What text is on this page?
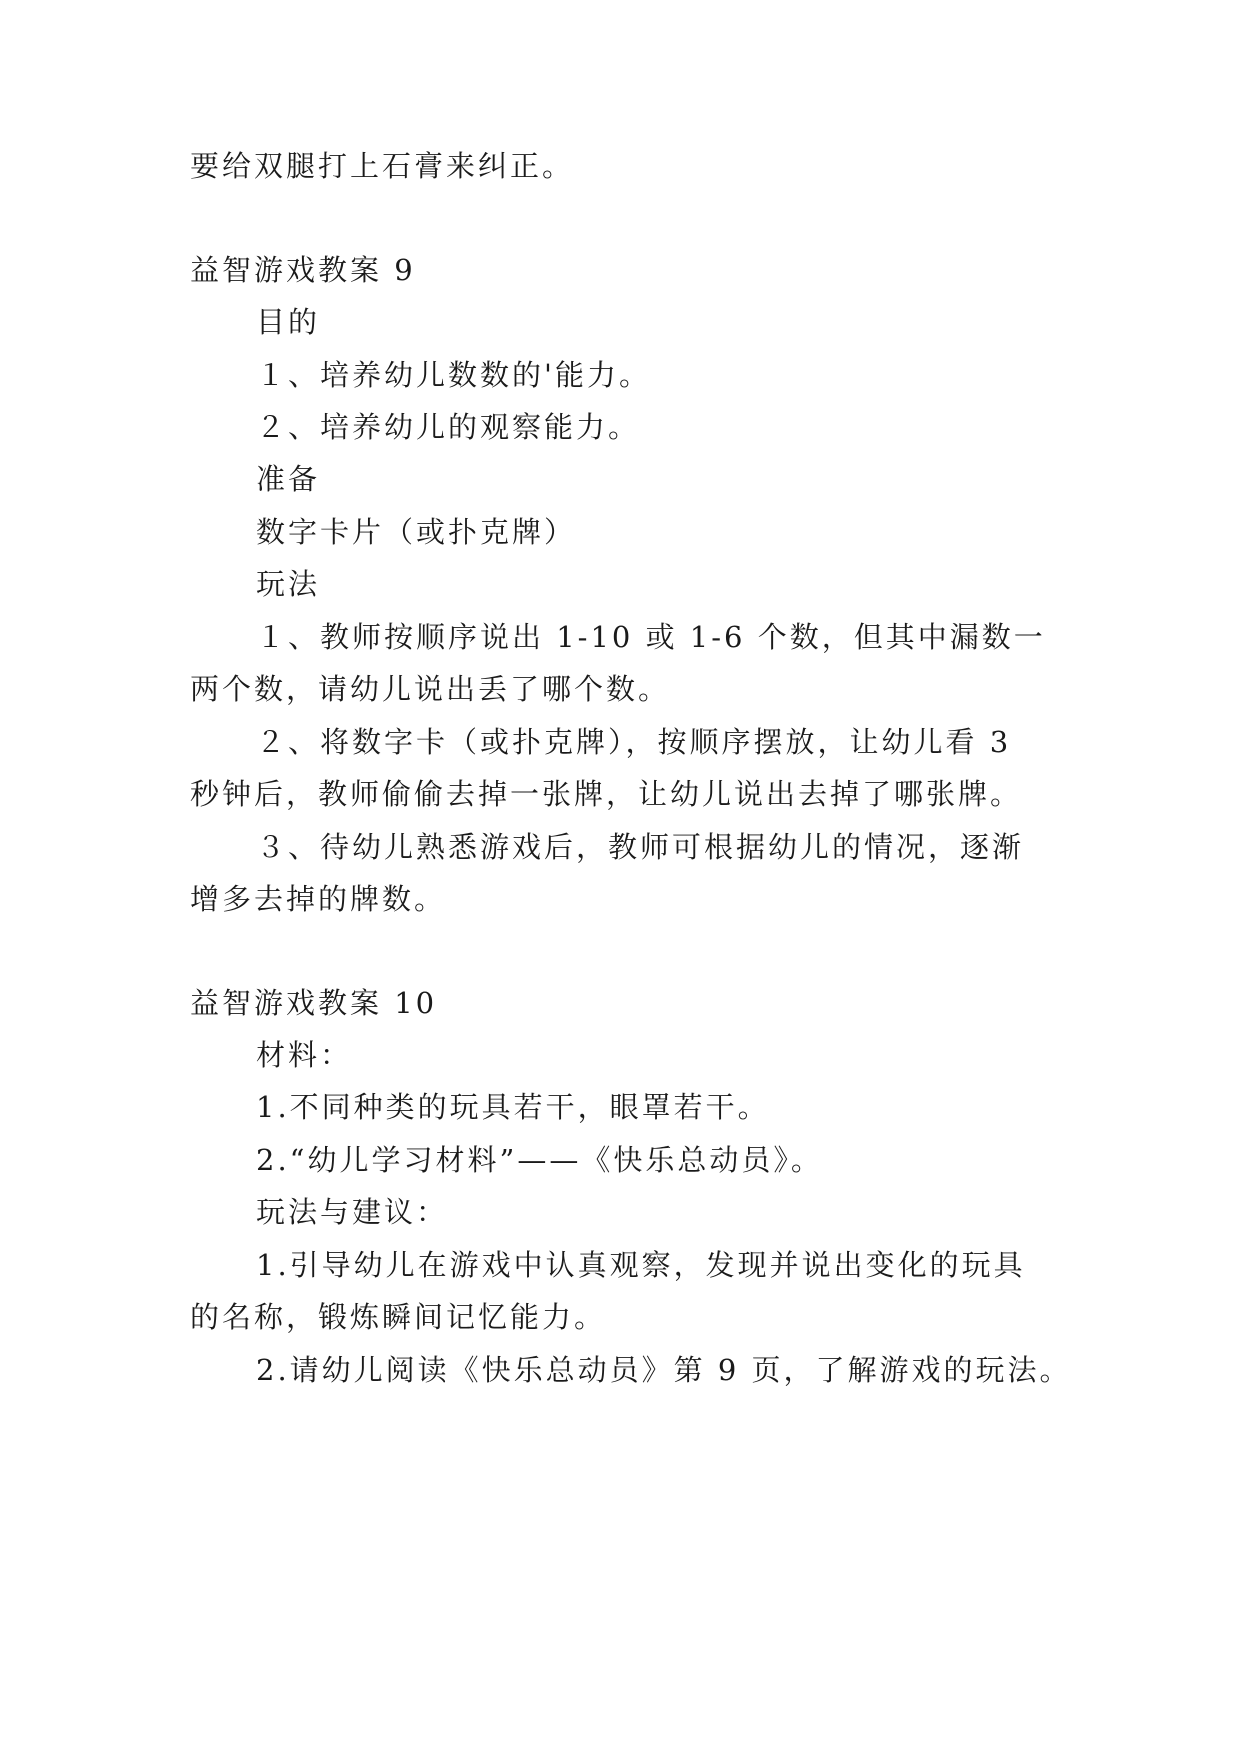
要给双腿打上石膏来纠正。
益智游戏教案 9
目的
１、培养幼儿数数的'能力。
２、培养幼儿的观察能力。
准备
数字卡片（或扑克牌）
玩法
１、教师按顺序说出 1-10 或 1-6 个数，但其中漏数一
两个数，请幼儿说出丢了哪个数。
２、将数字卡（或扑克牌），按顺序摆放，让幼儿看 3
秒钟后，教师偷偷去掉一张牌，让幼儿说出去掉了哪张牌。
３、待幼儿熟悉游戏后，教师可根据幼儿的情况，逐渐
增多去掉的牌数。
益智游戏教案 10
材料：
1.不同种类的玩具若干，眼罩若干。
2.“幼儿学习材料”——《快乐总动员》。
玩法与建议：
1.引导幼儿在游戏中认真观察，发现并说出变化的玩具
的名称，锻炼瞬间记忆能力。
2.请幼儿阅读《快乐总动员》第 9 页，了解游戏的玩法。
